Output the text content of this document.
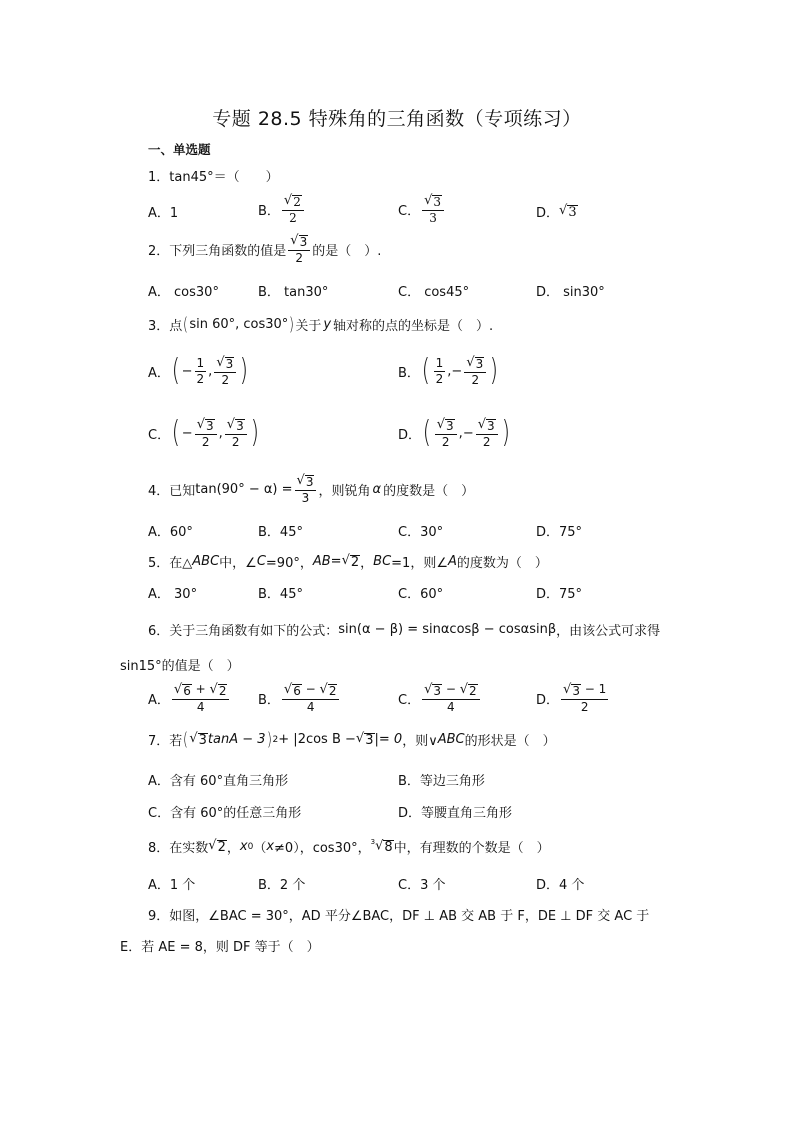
专题 28.5 特殊角的三角函数（专项练习）
一、单选题
1．tan45°＝（　　）
A．1	B． $\frac{√ 2}{2}$	C． $\frac{√ 3}{3}$	D． √ 3
2．下列三角函数的值是 $\frac{√ 3}{2}$ 的是（　）.
A． cos30°	B． tan30°	C． cos45°	D． sin30°
3．点 ( sin 60°, cos30° ) 关于 y 轴对称的点的坐标是（　）.
A． ( − $\frac{1}{2}$ , $\frac{√ 3}{2}$ )	B． ( $\frac{1}{2}$ , − $\frac{√ 3}{2}$ )
C． ( − $\frac{√ 3}{2}$ , $\frac{√ 3}{2}$ )	D． ( $\frac{√ 3}{2}$ , − $\frac{√ 3}{2}$ )
4．已知 $\tan(90^\circ - \alpha) = \frac{√ 3}{3}$ ，则锐角 α 的度数是（　）
A．60°	B．45°	C．30°	D．75°
5．在△ ABC 中，∠ C =90°， AB = √ 2 ， BC =1，则∠ A 的度数为（　）
A． 30°	B．45°	C．60°	D．75°
6．关于三角函数有如下的公式： sin(α − β) = sinαcosβ − cosαsinβ ，由该公式可求得
sin15°的值是（　）
A． $\frac{√ 6 + √ 2}{4}$ B． $\frac{√ 6 - √ 2}{4}$	C． $\frac{√ 3 - √ 2}{4}$	D． $\frac{√ 3 - 1}{2}$
7．若 ( √ 3 tanA − 3 ) 2 + | 2cos B − √ 3 | = 0 ，则∨ ABC 的形状是（　）
A．含有 60°直角三角形	B．等边三角形
C．含有 60°的任意三角形	D．等腰直角三角形
8．在实数 √ 2 ， x 0 （ x ≠0），cos30°， $^3$√ 8 中，有理数的个数是（　）
A．1 个	B．2 个	C．3 个	D．4 个
9．如图，∠BAC = 30°，AD 平分∠BAC，DF ⊥ AB 交 AB 于 F，DE ⊥ DF 交 AC 于
E．若 AE = 8，则 DF 等于（　）
